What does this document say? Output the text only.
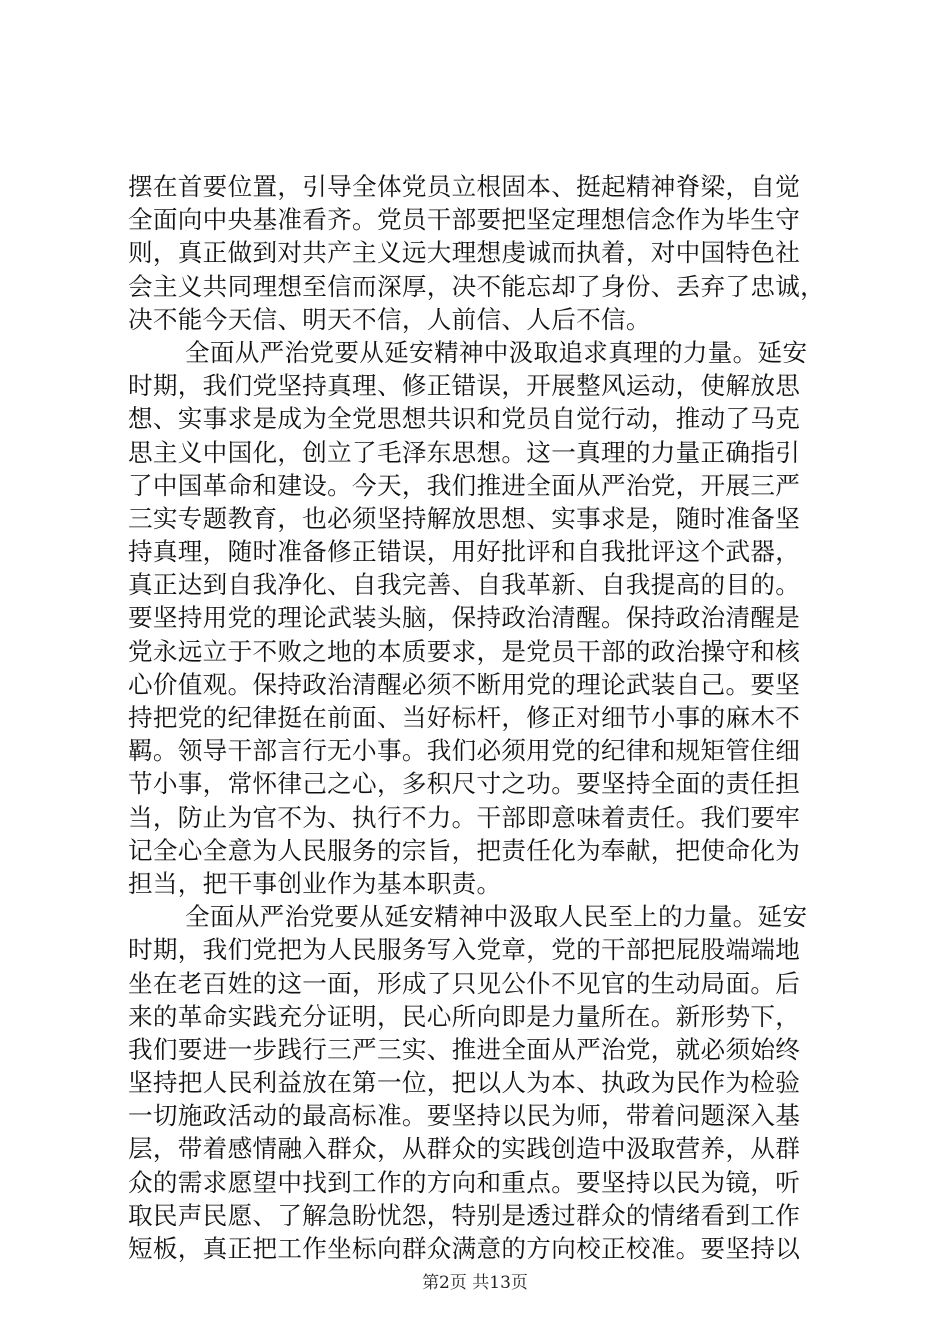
摆在首要位置，引导全体党员立根固本、挺起精神脊梁，自觉
全面向中央基准看齐。党员干部要把坚定理想信念作为毕生守
则，真正做到对共产主义远大理想虔诚而执着，对中国特色社
会主义共同理想至信而深厚，决不能忘却了身份、丢弃了忠诚，
决不能今天信、明天不信，人前信、人后不信。
全面从严治党要从延安精神中汲取追求真理的力量。延安
时期，我们党坚持真理、修正错误，开展整风运动，使解放思
想、实事求是成为全党思想共识和党员自觉行动，推动了马克
思主义中国化，创立了毛泽东思想。这一真理的力量正确指引
了中国革命和建设。今天，我们推进全面从严治党，开展三严
三实专题教育，也必须坚持解放思想、实事求是，随时准备坚
持真理，随时准备修正错误，用好批评和自我批评这个武器，
真正达到自我净化、自我完善、自我革新、自我提高的目的。
要坚持用党的理论武装头脑，保持政治清醒。保持政治清醒是
党永远立于不败之地的本质要求，是党员干部的政治操守和核
心价值观。保持政治清醒必须不断用党的理论武装自己。要坚
持把党的纪律挺在前面、当好标杆，修正对细节小事的麻木不
羁。领导干部言行无小事。我们必须用党的纪律和规矩管住细
节小事，常怀律己之心，多积尺寸之功。要坚持全面的责任担
当，防止为官不为、执行不力。干部即意味着责任。我们要牢
记全心全意为人民服务的宗旨，把责任化为奉献，把使命化为
担当，把干事创业作为基本职责。
全面从严治党要从延安精神中汲取人民至上的力量。延安
时期，我们党把为人民服务写入党章，党的干部把屁股端端地
坐在老百姓的这一面，形成了只见公仆不见官的生动局面。后
来的革命实践充分证明，民心所向即是力量所在。新形势下，
我们要进一步践行三严三实、推进全面从严治党，就必须始终
坚持把人民利益放在第一位，把以人为本、执政为民作为检验
一切施政活动的最高标准。要坚持以民为师，带着问题深入基
层，带着感情融入群众，从群众的实践创造中汲取营养，从群
众的需求愿望中找到工作的方向和重点。要坚持以民为镜，听
取民声民愿、了解急盼忧怨，特别是透过群众的情绪看到工作
短板，真正把工作坐标向群众满意的方向校正校准。要坚持以
第2页 共13页
